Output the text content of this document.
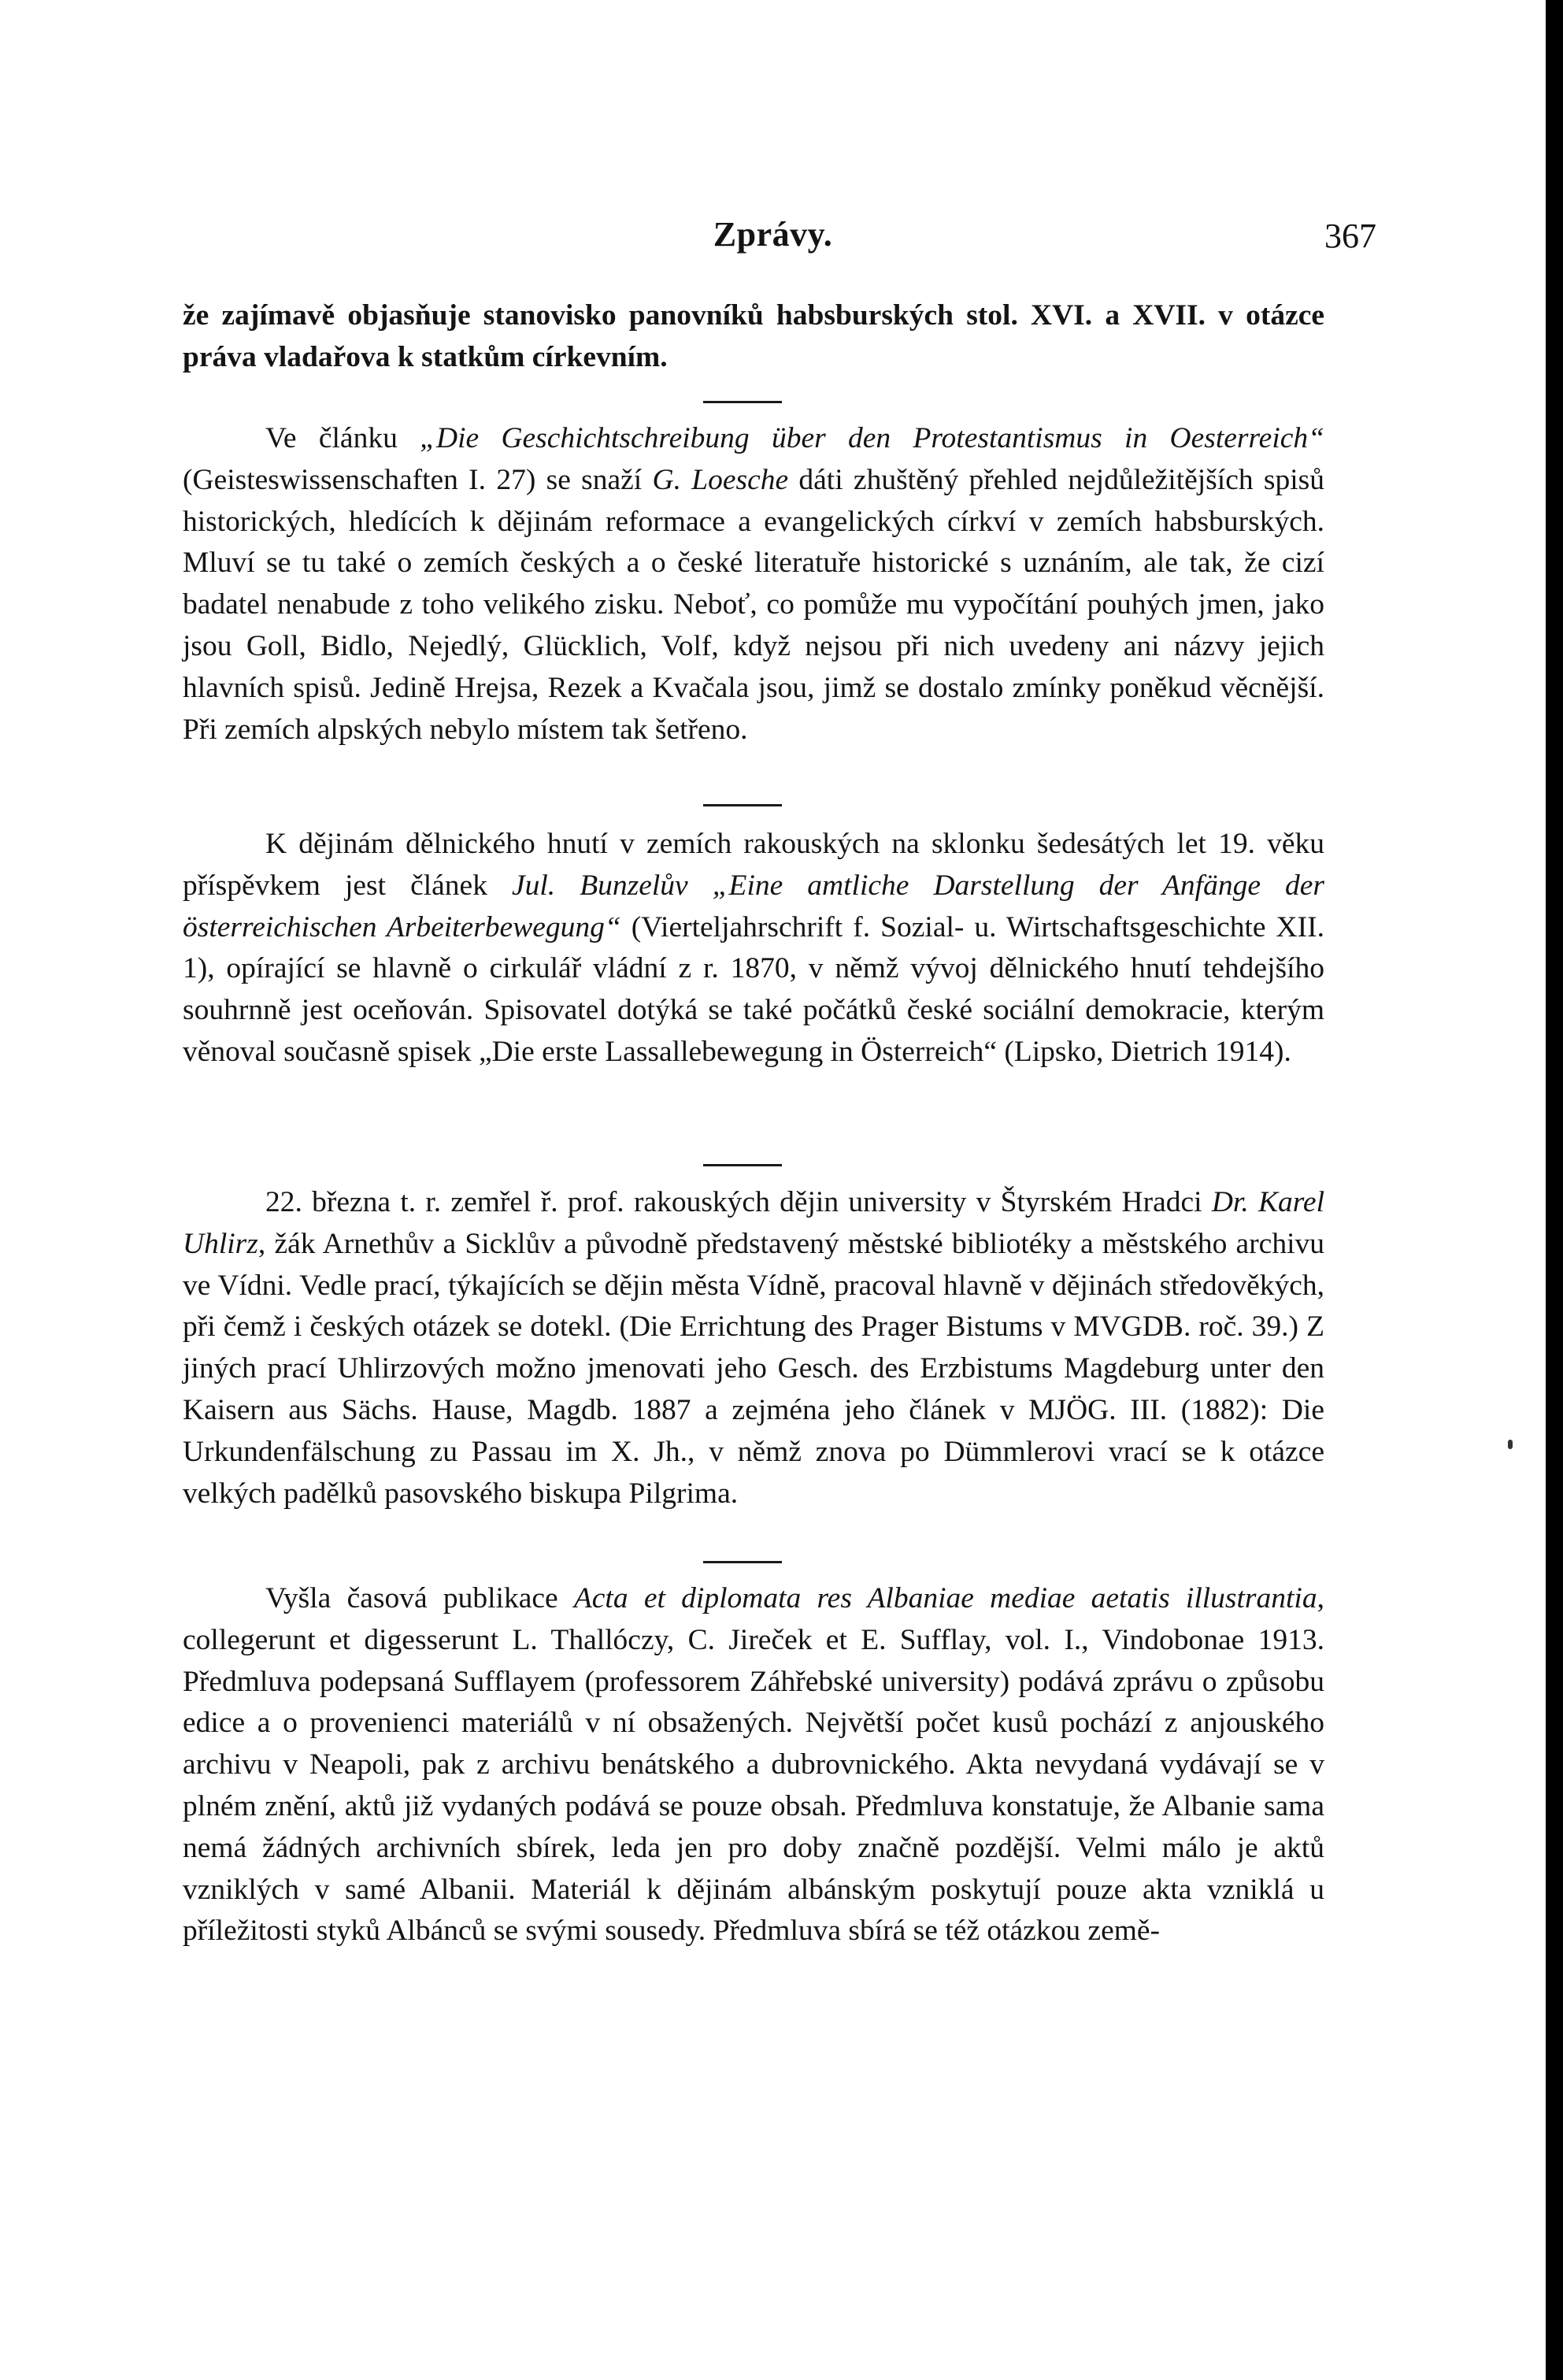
Zprávy.	367

že zajímavě objasňuje stanovisko panovníků habsburských stol. XVI. a XVII. v otázce práva vladařova k statkům církevním.

Ve článku „Die Geschichtschreibung über den Protestantismus in Oesterreich“ (Geisteswissenschaften I. 27) se snaží G. Loesche dáti zhuštěný přehled nejdůležitějších spisů historických, hledících k dějinám reformace a evangelických církví v zemích habsburských. Mluví se tu také o zemích českých a o české literatuře historické s uznáním, ale tak, že cizí badatel nenabude z toho velikého zisku. Neboť, co pomůže mu vypočítání pouhých jmen, jako jsou Goll, Bidlo, Nejedlý, Glücklich, Volf, když nejsou při nich uvedeny ani názvy jejich hlavních spisů. Jedině Hrejsa, Rezek a Kvačala jsou, jimž se dostalo zmínky poněkud věcnější. Při zemích alpských nebylo místem tak šetřeno.

K dějinám dělnického hnutí v zemích rakouských na sklonku šedesátých let 19. věku příspěvkem jest článek Jul. Bunzelův „Eine amtliche Darstellung der Anfänge der österreichischen Arbeiterbewegung“ (Vierteljahrschrift f. Sozial- u. Wirtschaftsgeschichte XII. 1), opírající se hlavně o cirkulář vládní z r. 1870, v němž vývoj dělnického hnutí tehdejšího souhrnně jest oceňován. Spisovatel dotýká se také počátků české sociální demokracie, kterým věnoval současně spisek „Die erste Lassallebewegung in Österreich“ (Lipsko, Dietrich 1914).

22. března t. r. zemřel ř. prof. rakouských dějin university v Štyrském Hradci Dr. Karel Uhlirz, žák Arnethův a Sicklův a původně představený městské bibliotéky a městského archivu ve Vídni. Vedle prací, týkajících se dějin města Vídně, pracoval hlavně v dějinách středověkých, při čemž i českých otázek se dotekl. (Die Errichtung des Prager Bistums v MVGDB. roč. 39.) Z jiných prací Uhlirzových možno jmenovati jeho Gesch. des Erzbistums Magdeburg unter den Kaisern aus Sächs. Hause, Magdb. 1887 a zejména jeho článek v MJÖG. III. (1882): Die Urkundenfälschung zu Passau im X. Jh., v němž znova po Dümmlerovi vrací se k otázce velkých padělků pasovského biskupa Pilgrima.

Vyšla časová publikace Acta et diplomata res Albaniae mediae aetatis illustrantia, collegerunt et digesserunt L. Thallóczy, C. Jireček et E. Sufflay, vol. I., Vindobonae 1913. Předmluva podepsaná Sufflayem (professorem Záhřebské university) podává zprávu o způsobu edice a o provenienci materiálů v ní obsažených. Největší počet kusů pochází z anjouského archivu v Neapoli, pak z archivu benátského a dubrovnického. Akta nevydaná vydávají se v plném znění, aktů již vydaných podává se pouze obsah. Předmluva konstatuje, že Albanie sama nemá žádných archivních sbírek, leda jen pro doby značně pozdější. Velmi málo je aktů vzniklých v samé Albanii. Materiál k dějinám albánským poskytují pouze akta vzniklá u příležitosti styků Albánců se svými sousedy. Předmluva sbírá se též otázkou země-
